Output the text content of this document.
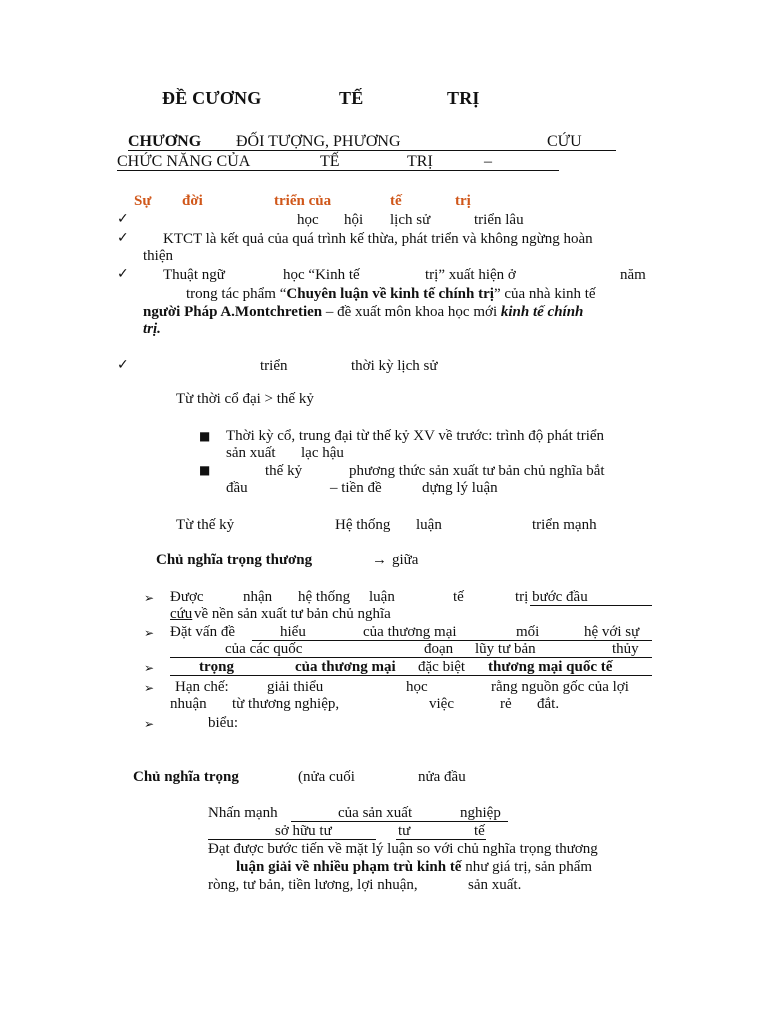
ĐỀ CƯƠNG	TẾ	TRỊ
CHƯƠNG ĐỐI TƯỢNG, PHƯƠNG	CỨU
CHỨC NĂNG CỦA	TẾ	TRỊ	–
Sự đời	triển của	tế	trị
✓	học hội lịch sử	triển lâu
✓ KTCT là kết quả của quá trình kế thừa, phát triển và không ngừng hoàn
thiện
✓ Thuật ngữ	học “Kinh tế	trị” xuất hiện ở	năm
trong tác phẩm “Chuyên luận về kinh tế chính trị” của nhà kinh tế
người Pháp A.Montchretien – đề xuất môn khoa học mới kinh tế chính
trị.
✓	triển	thời kỳ lịch sử
Từ thời cổ đại > thế kỷ
■ Thời kỳ cổ, trung đại từ thế kỷ XV về trước: trình độ phát triển
sản xuất lạc hậu
■	thế kỷ	phương thức sản xuất tư bản chủ nghĩa bắt
đầu	– tiền đề	dựng lý luận
Từ thế kỷ	Hệ thống luận	triển mạnh
Chủ nghĩa trọng thương	→ giữa
➢ Được	nhận hệ thống luận	tế	trị bước đầu
cứu về nền sản xuất tư bản chủ nghĩa
➢ Đặt vấn đề	hiểu	của thương mại	mối	hệ với sự
của các quốc	đoạn lũy tư bản	thủy
➢	trọng	của thương mại đặc biệt thương mại quốc tế
➢ Hạn chế:	giải thiểu	học	rằng nguồn gốc của lợi
nhuận từ thương nghiệp,	việc	rẻ đắt.
➢	biểu:
Chủ nghĩa trọng	(nửa cuối	nửa đầu
Nhấn mạnh	của sản xuất	nghiệp
sở hữu tư	tư	tế
Đạt được bước tiến về mặt lý luận so với chủ nghĩa trọng thương
luận giải về nhiều phạm trù kinh tế như giá trị, sản phẩm
ròng, tư bản, tiền lương, lợi nhuận,	sản xuất.
